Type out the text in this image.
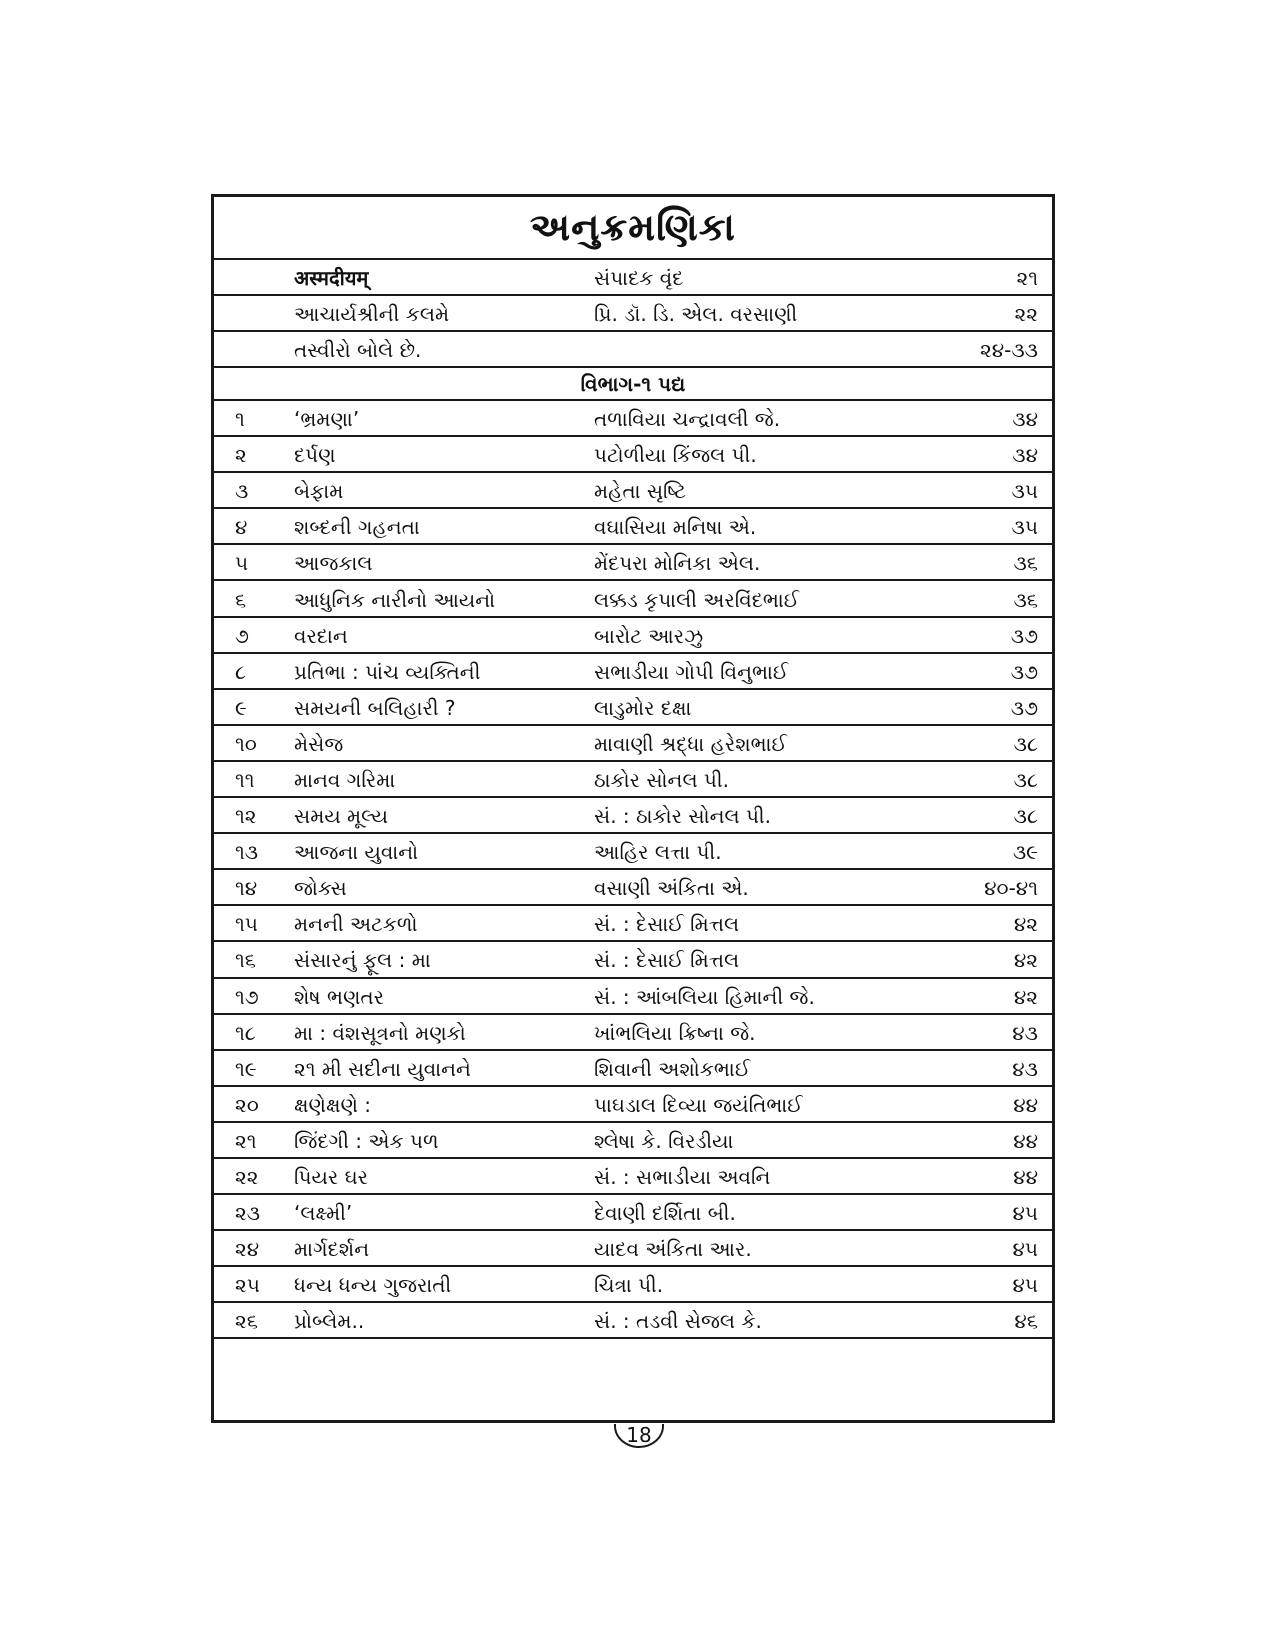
અનુક્રમણિકા
अस्मदीयम्	સંપાદક વૃંદ	૨૧
આચાર્યશ્રીની કલમે	પ્રિ. ડૉ. ડિ. એલ. વરસાણી	૨૨
તસ્વીરો બોલે છે.	૨૪-૩૩
વિભાગ-૧ પદ્ય
૧ ‘ભ્રમણા’	તળાવિયા ચન્દ્રાવલી જે.	૩૪
૨ દર્પણ	પટોળીયા કિંજલ પી.	૩૪
૩ બેફામ	મહેતા સૃષ્ટિ	૩૫
૪ શબ્દની ગહનતા	વઘાસિયા મનિષા એ.	૩૫
૫ આજકાલ	મેંદપરા મોનિકા એલ.	૩૬
૬ આધુનિક નારીનો આયનો	લક્કડ કૃપાલી અરવિંદભાઈ	૩૬
૭ વરદાન	બારોટ આરઝુ	૩૭
૮ પ્રતિભા : પાંચ વ્યક્તિની	સભાડીયા ગોપી વિનુભાઈ	૩૭
૯ સમયની બલિહારી ?	લાડુમોર દક્ષા	૩૭
૧૦ મેસેજ	માવાણી શ્રદ્ધા હરેશભાઈ	૩૮
૧૧ માનવ ગરિમા	ઠાકોર સોનલ પી.	૩૮
૧૨ સમય મૂલ્ય	સં. : ઠાકોર સોનલ પી.	૩૮
૧૩ આજના યુવાનો	આહિર લત્તા પી.	૩૯
૧૪ જોક્સ	વસાણી અંકિતા એ.	૪૦-૪૧
૧૫ મનની અટકળો	સં. : દેસાઈ મિત્તલ	૪૨
૧૬ સંસારનું ફૂલ : મા	સં. : દેસાઈ મિત્તલ	૪૨
૧૭ શેષ ભણતર	સં. : આંબલિયા હિમાની જે.	૪૨
૧૮ મા : વંશસૂત્રનો મણકો	ખાંભલિયા ક્રિષ્ના જે.	૪૩
૧૯ ૨૧ મી સદીના યુવાનને	શિવાની અશોકભાઈ	૪૩
૨૦ ક્ષણેક્ષણે :	પાઘડાલ દિવ્યા જયંતિભાઈ	૪૪
૨૧ જિંદગી : એક પળ	શ્લેષા કે. વિરડીયા	૪૪
૨૨ પિયર ઘર	સં. : સભાડીયા અવનિ	૪૪
૨૩ ‘લક્ષ્મી’	દેવાણી દર્શિતા બી.	૪૫
૨૪ માર્ગદર્શન	યાદવ અંકિતા આર.	૪૫
૨૫ ધન્ય ધન્ય ગુજરાતી	ચિત્રા પી.	૪૫
૨૬ પ્રોબ્લેમ..	સં. : તડવી સેજલ કે.	૪૬
18
